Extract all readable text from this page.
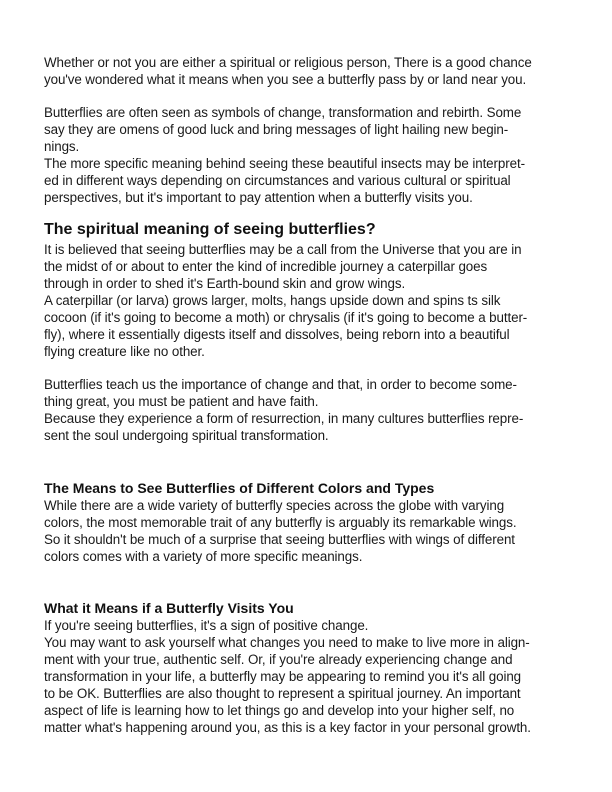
Whether or not you are either a spiritual or religious person, There is a good chance
you've wondered what it means when you see a butterfly pass by or land near you.
Butterflies are often seen as symbols of change, transformation and rebirth. Some
say they are omens of good luck and bring messages of light hailing new begin-
nings.
The more specific meaning behind seeing these beautiful insects may be interpret-
ed in different ways depending on circumstances and various cultural or spiritual
perspectives, but it's important to pay attention when a butterfly visits you.
The spiritual meaning of seeing butterflies?
It is believed that seeing butterflies may be a call from the Universe that you are in
the midst of or about to enter the kind of incredible journey a caterpillar goes
through in order to shed it's Earth-bound skin and grow wings.
A caterpillar (or larva) grows larger, molts, hangs upside down and spins ts silk
cocoon (if it's going to become a moth) or chrysalis (if it's going to become a butter-
fly), where it essentially digests itself and dissolves, being reborn into a beautiful
flying creature like no other.
Butterflies teach us the importance of change and that, in order to become some-
thing great, you must be patient and have faith.
Because they experience a form of resurrection, in many cultures butterflies repre-
sent the soul undergoing spiritual transformation.
The Means to See Butterflies of Different Colors and Types
While there are a wide variety of butterfly species across the globe with varying
colors, the most memorable trait of any butterfly is arguably its remarkable wings.
So it shouldn't be much of a surprise that seeing butterflies with wings of different
colors comes with a variety of more specific meanings.
What it Means if a Butterfly Visits You
If you're seeing butterflies, it's a sign of positive change.
You may want to ask yourself what changes you need to make to live more in align-
ment with your true, authentic self. Or, if you're already experiencing change and
transformation in your life, a butterfly may be appearing to remind you it's all going
to be OK. Butterflies are also thought to represent a spiritual journey. An important
aspect of life is learning how to let things go and develop into your higher self, no
matter what's happening around you, as this is a key factor in your personal growth.
